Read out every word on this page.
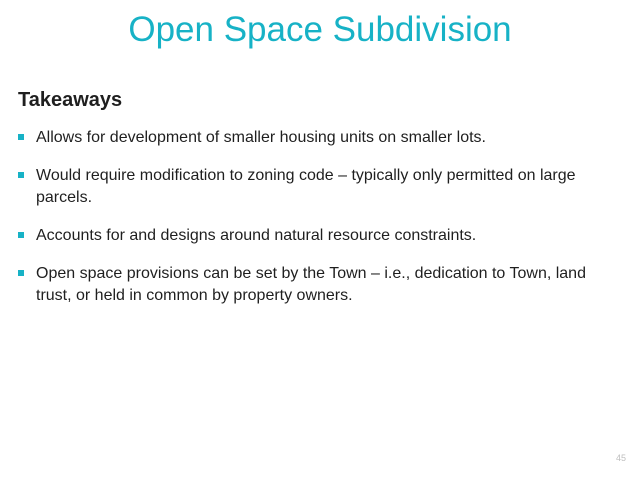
Open Space Subdivision
Takeaways
Allows for development of smaller housing units on smaller lots.
Would require modification to zoning code – typically only permitted on large parcels.
Accounts for and designs around natural resource constraints.
Open space provisions can be set by the Town – i.e., dedication to Town, land trust, or held in common by property owners.
45
